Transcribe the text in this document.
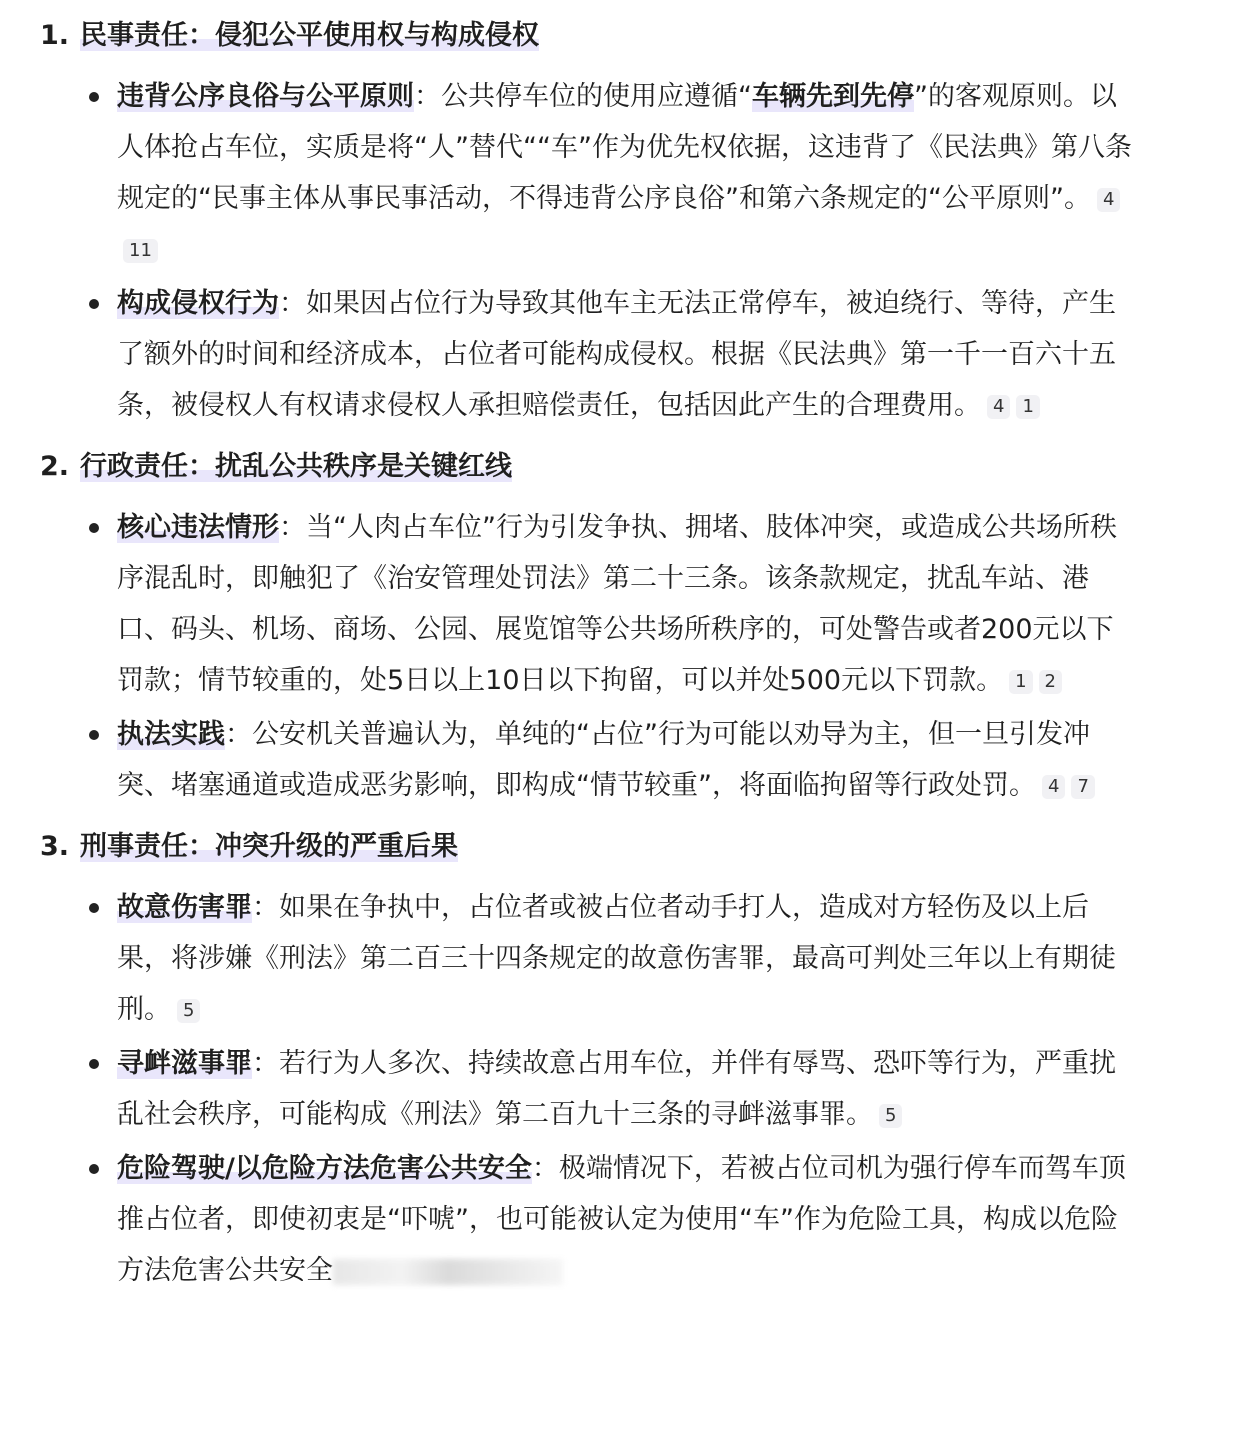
1. 民事责任：侵犯公平使用权与构成侵权
违背公序良俗与公平原则：公共停车位的使用应遵循“车辆先到先停”的客观原则。以人体抢占车位，实质是将“人”替代““车”作为优先权依据，这违背了《民法典》第八条规定的“民事主体从事民事活动，不得违背公序良俗”和第六条规定的“公平原则”。 411
构成侵权行为：如果因占位行为导致其他车主无法正常停车，被迫绕行、等待，产生了额外的时间和经济成本，占位者可能构成侵权。根据《民法典》第一千一百六十五条，被侵权人有权请求侵权人承担赔偿责任，包括因此产生的合理费用。 4 1
2. 行政责任：扰乱公共秩序是关键红线
核心违法情形：当“人肉占车位”行为引发争执、拥堵、肢体冲突，或造成公共场所秩序混乱时，即触犯了《治安管理处罚法》第二十三条。该条款规定，扰乱车站、港口、码头、机场、商场、公园、展览馆等公共场所秩序的，可处警告或者200元以下罚款；情节较重的，处5日以上10日以下拘留，可以并处500元以下罚款。 1 2
执法实践：公安机关普遍认为，单纯的“占位”行为可能以劝导为主，但一旦引发冲突、堵塞通道或造成恶劣影响，即构成“情节较重”，将面临拘留等行政处罚。 4 7
3. 刑事责任：冲突升级的严重后果
故意伤害罪：如果在争执中，占位者或被占位者动手打人，造成对方轻伤及以上后果，将涉嫌《刑法》第二百三十四条规定的故意伤害罪，最高可判处三年以上有期徒刑。 5
寻衅滋事罪：若行为人多次、持续故意占用车位，并伴有辱骂、恐吓等行为，严重扰乱社会秩序，可能构成《刑法》第二百九十三条的寻衅滋事罪。 5
危险驾驶/以危险方法危害公共安全：极端情况下，若被占位司机为强行停车而驾车顶推占位者，即使初衷是“吓唬”，也可能被认定为使用“车”作为危险工具，构成以危险方法危害公共安全
